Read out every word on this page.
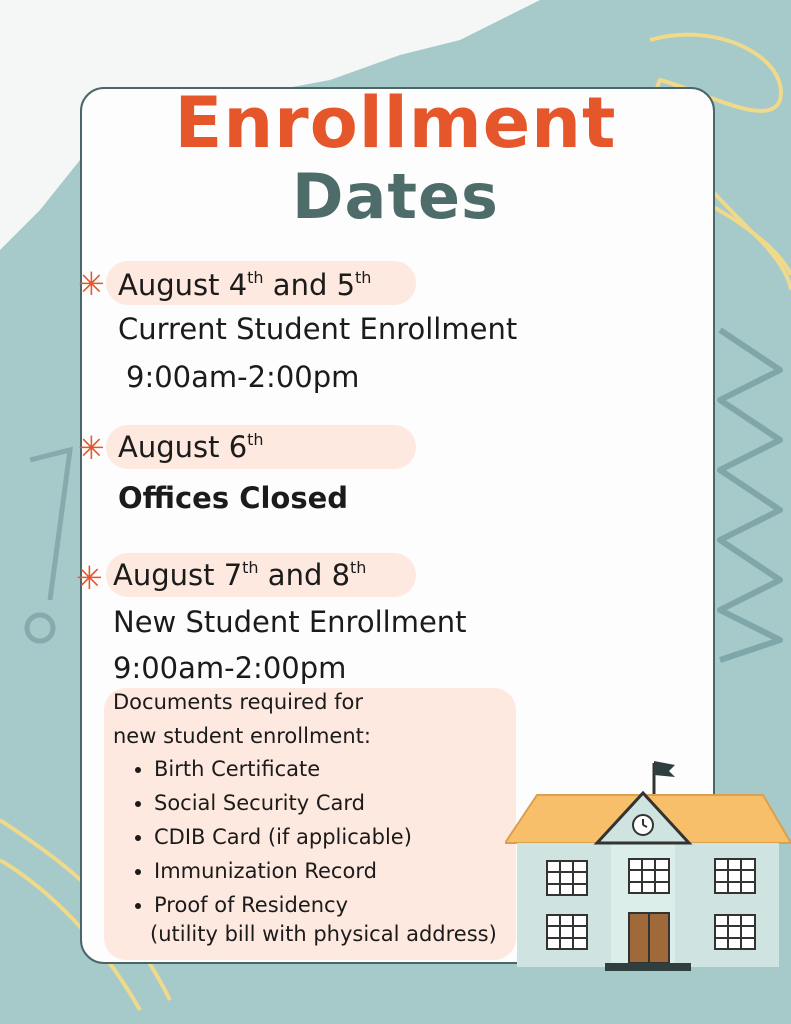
Enrollment
Dates
✳ August 4th and 5th
Current Student Enrollment
9:00am-2:00pm
✳ August 6th
Offices Closed
✳ August 7th and 8th
New Student Enrollment
9:00am-2:00pm
Documents required for
new student enrollment:
• Birth Certificate
• Social Security Card
• CDIB Card (if applicable)
• Immunization Record
• Proof of Residency
(utility bill with physical address)
